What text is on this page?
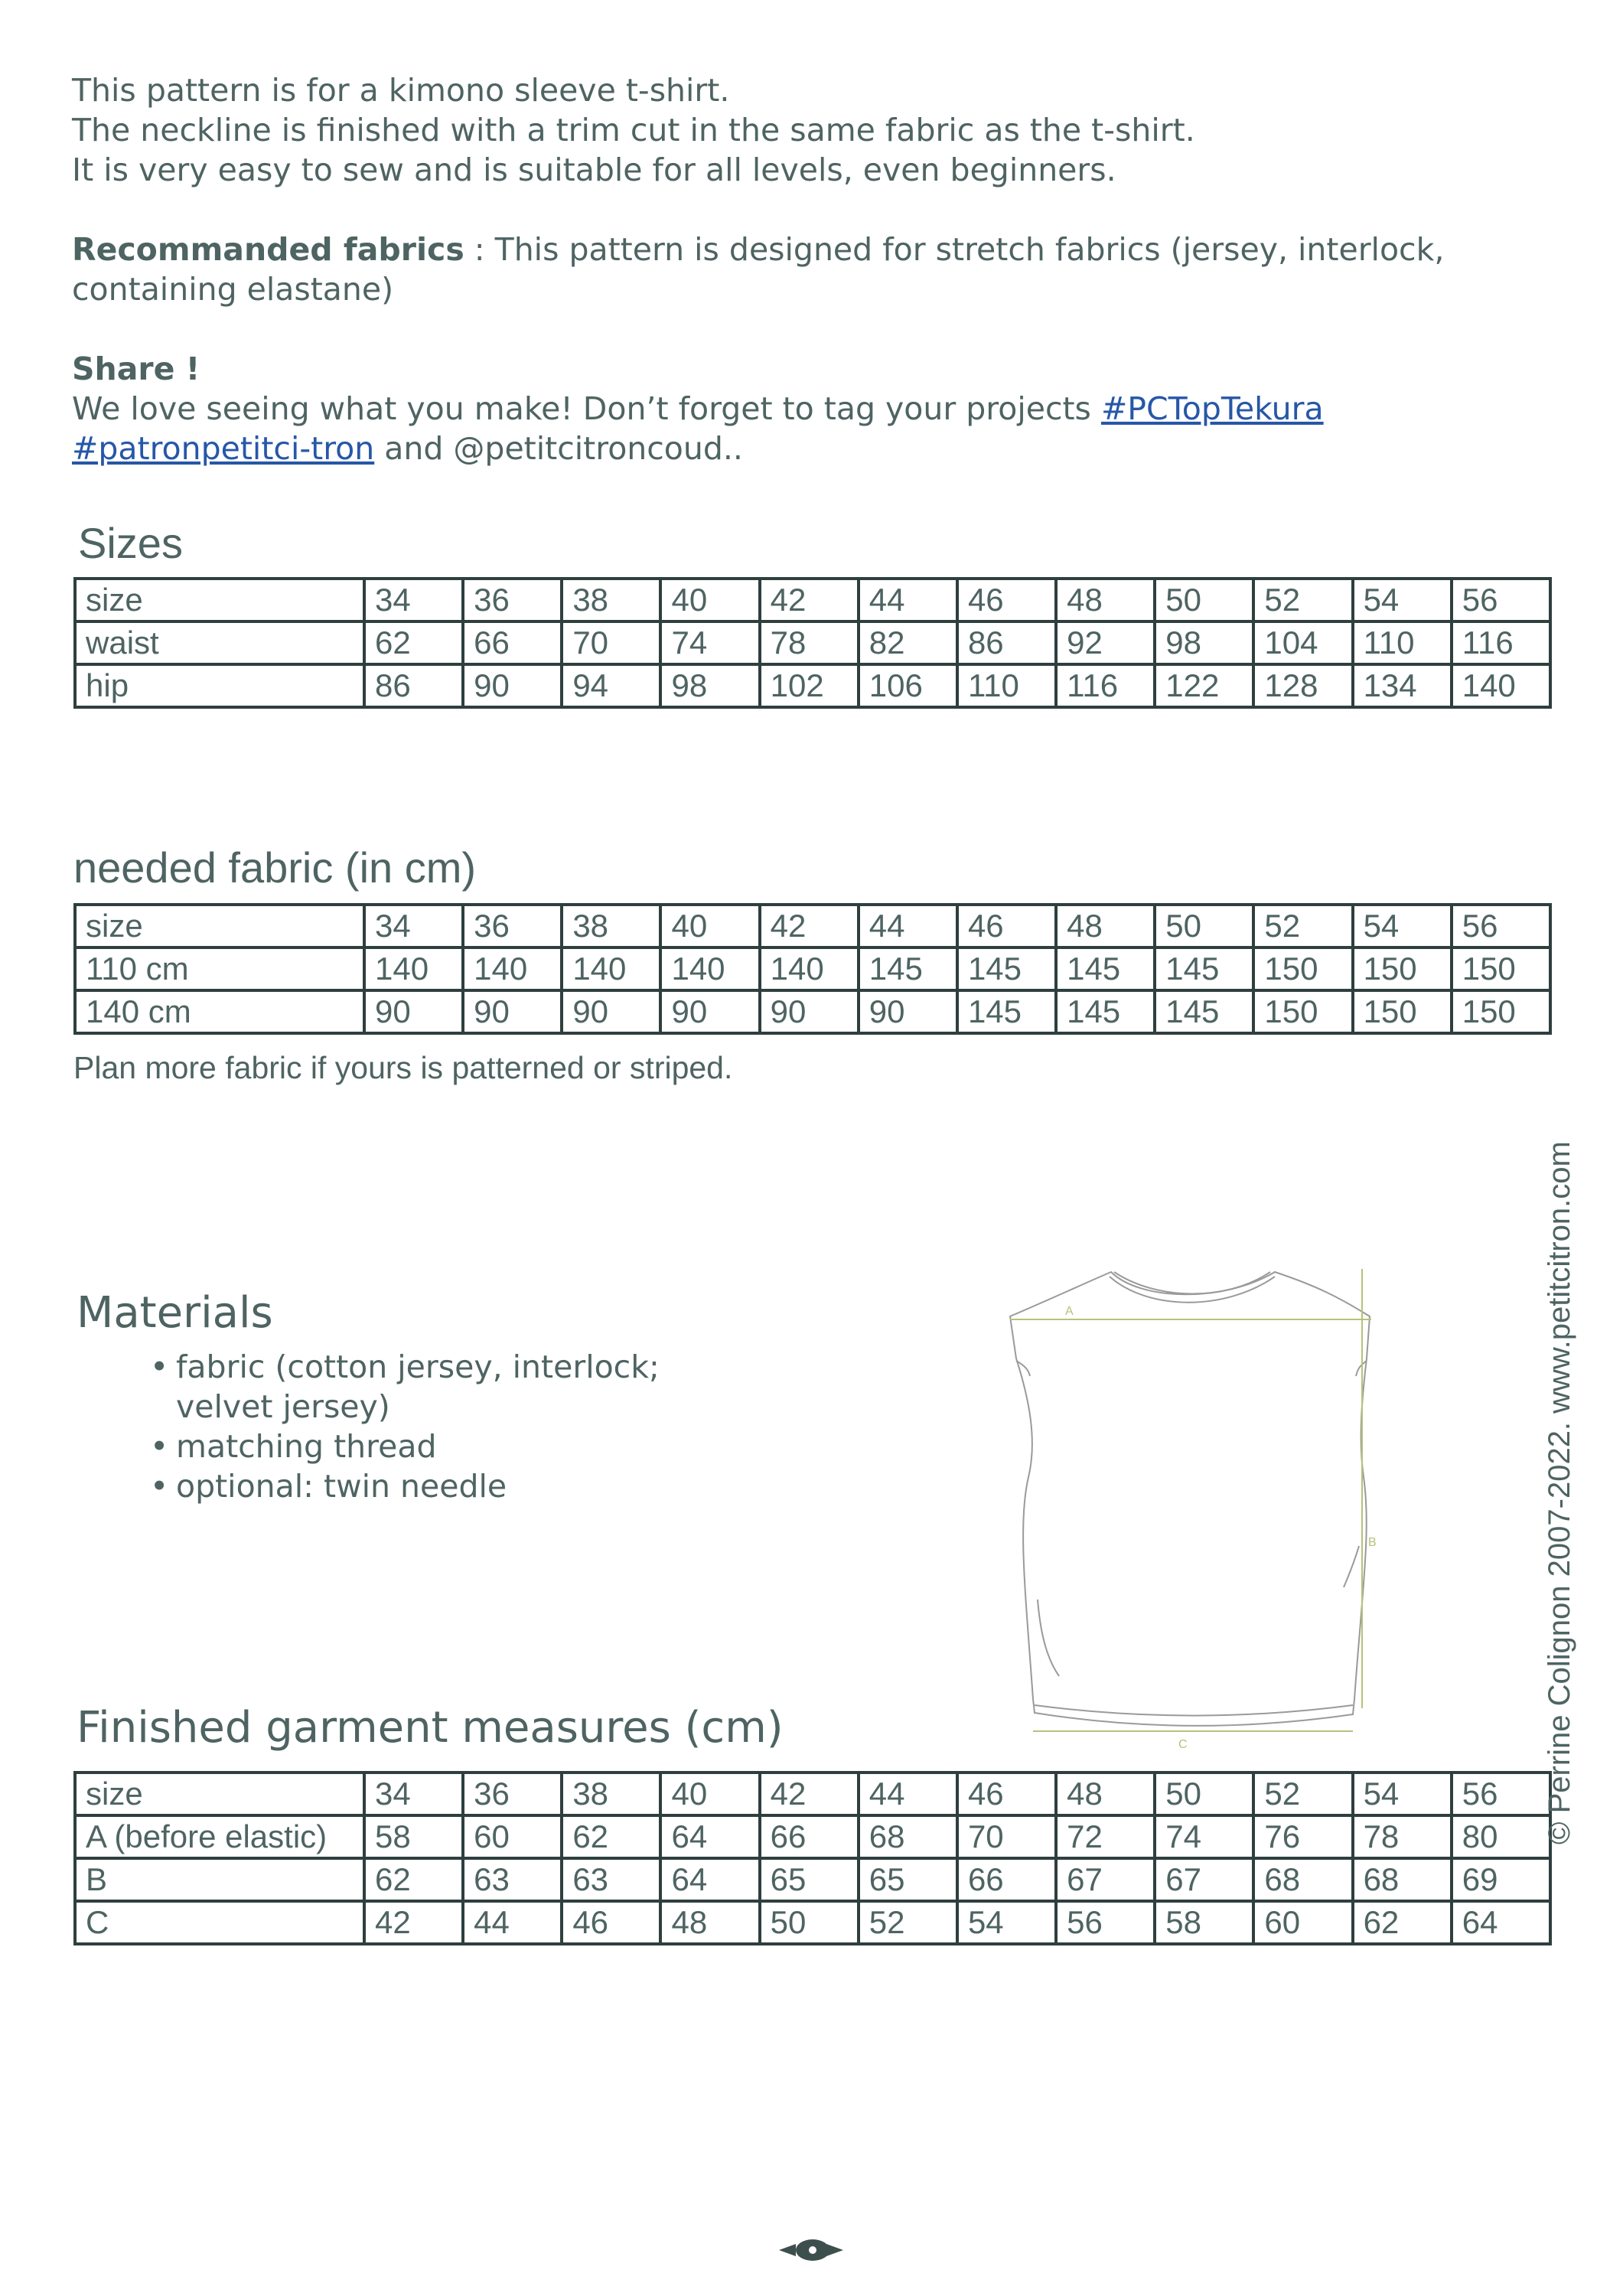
This pattern is for a kimono sleeve t-shirt.

The neckline is finished with a trim cut in the same fabric as the t-shirt.

It is very easy to sew and is suitable for all levels, even beginners.

Recommanded fabrics : This pattern is designed for stretch fabrics (jersey, interlock, containing elastane)

Share !

We love seeing what you make! Don’t forget to tag your projects #PCTopTekura #patronpetitci-tron and @petitcitroncoud..

Sizes
size	34	36	38	40	42	44	46	48	50	52	54	56
waist	62	66	70	74	78	82	86	92	98	104	110	116
hip	86	90	94	98	102	106	110	116	122	128	134	140
needed fabric (in cm)
size	34	36	38	40	42	44	46	48	50	52	54	56
110 cm	140	140	140	140	140	145	145	145	145	150	150	150
140 cm	90	90	90	90	90	90	145	145	145	150	150	150

Plan more fabric if yours is patterned or striped.

Materials
• fabric (cotton jersey, interlock; velvet jersey)
• matching thread
• optional: twin needle
A
B
C
Finished garment measures (cm)
size	34	36	38	40	42	44	46	48	50	52	54	56
A (before elastic)	58	60	62	64	66	68	70	72	74	76	78	80
B	62	63	63	64	65	65	66	67	67	68	68	69
C	42	44	46	48	50	52	54	56	58	60	62	64
© Perrine Colignon 2007-2022. www.petitcitron.com
